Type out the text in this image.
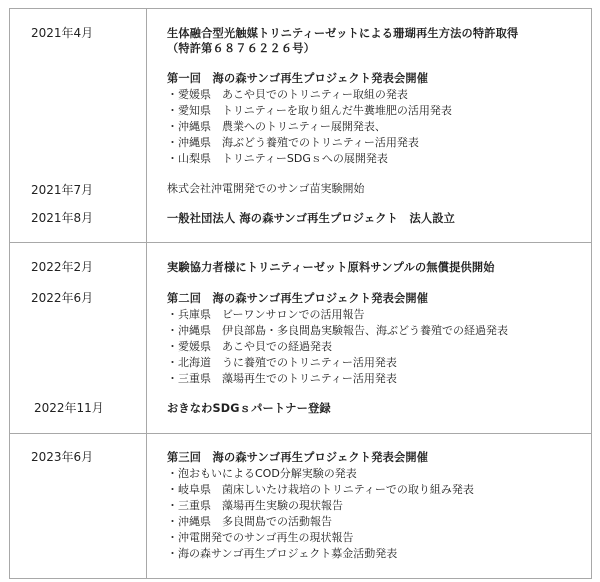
2021年4月	生体融合型光触媒トリニティーゼットによる珊瑚再生方法の特許取得
（特許第６８７６２２６号）
第一回　海の森サンゴ再生プロジェクト発表会開催
・愛媛県　あこや貝でのトリニティー取組の発表
・愛知県　トリニティーを取り組んだ牛糞堆肥の活用発表
・沖縄県　農業へのトリニティー展開発表、
・沖縄県　海ぶどう養殖でのトリニティー活用発表
・山梨県　トリニティーSDGｓへの展開発表
2021年7月	株式会社沖電開発でのサンゴ苗実験開始
2021年8月	一般社団法人 海の森サンゴ再生プロジェクト　法人設立
2022年2月	実験協力者様にトリニティーゼット原料サンプルの無償提供開始
2022年6月	第二回　海の森サンゴ再生プロジェクト発表会開催
・兵庫県　ビーワンサロンでの活用報告
・沖縄県　伊良部島・多良間島実験報告、海ぶどう養殖での経過発表
・愛媛県　あこや貝での経過発表
・北海道　うに養殖でのトリニティー活用発表
・三重県　藻場再生でのトリニティー活用発表
2022年11月	おきなわSDGｓパートナー登録
2023年6月	第三回　海の森サンゴ再生プロジェクト発表会開催
・泡おもいによるCOD分解実験の発表
・岐阜県　菌床しいたけ栽培のトリニティーでの取り組み発表
・三重県　藻場再生実験の現状報告
・沖縄県　多良間島での活動報告
・沖電開発でのサンゴ再生の現状報告
・海の森サンゴ再生プロジェクト募金活動発表
